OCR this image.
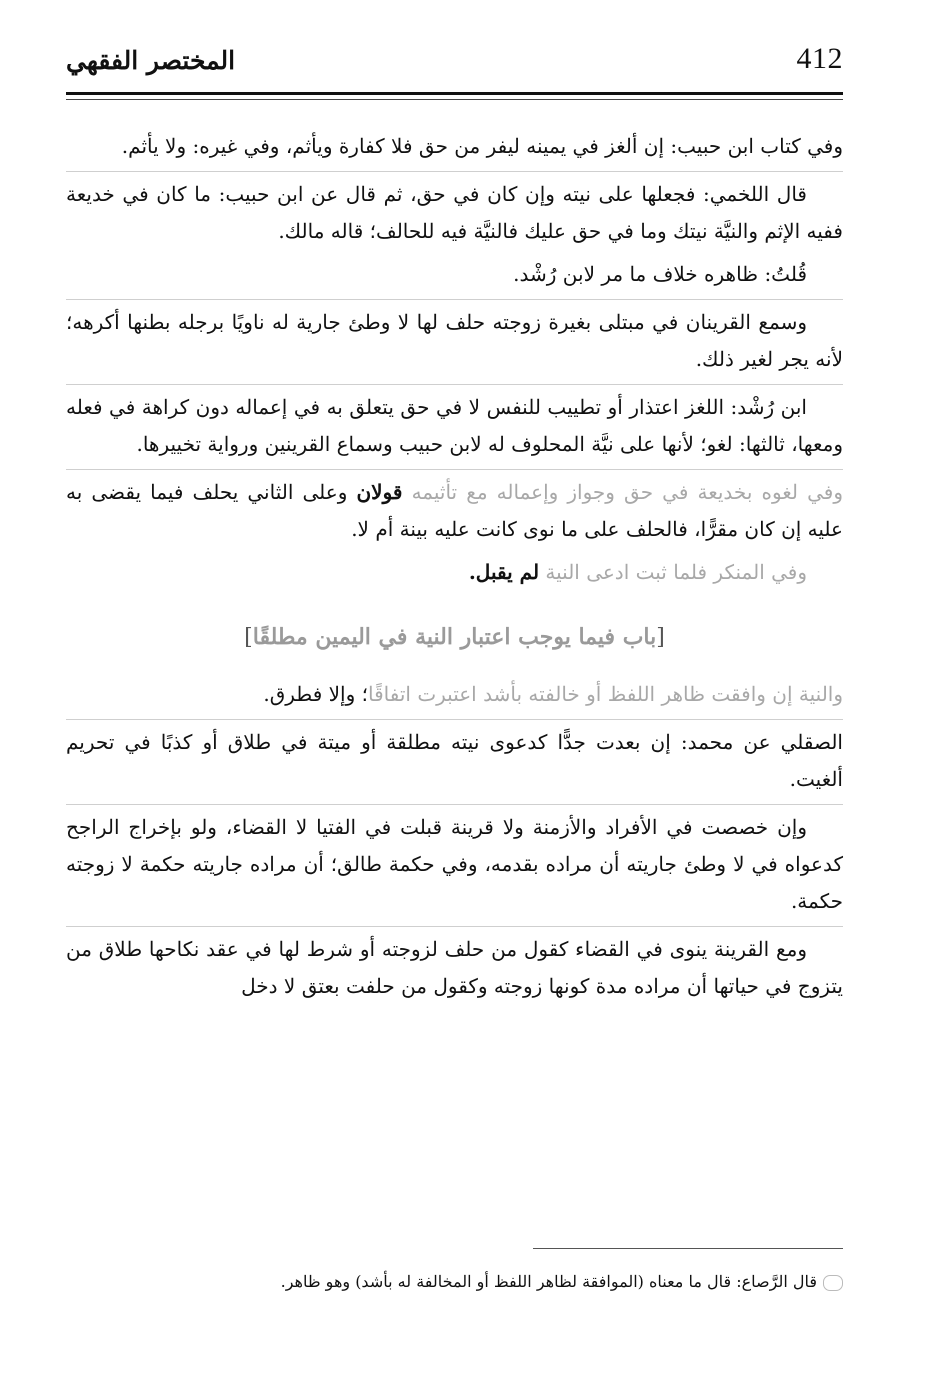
412
المختصر الفقهي

وفي كتاب ابن حبيب: إن ألغز في يمينه ليفر من حق فلا كفارة ويأثم، وفي غيره: ولا يأثم.

قال اللخمي: فجعلها على نيته وإن كان في حق، ثم قال عن ابن حبيب: ما كان في خديعة ففيه الإثم والنيَّة نيتك وما في حق عليك فالنيَّة فيه للحالف؛ قاله مالك.

قُلتُ: ظاهره خلاف ما مر لابن رُشْد.

وسمع القرينان في مبتلى بغيرة زوجته حلف لها لا وطئ جارية له ناويًا برجله بطنها أكرهه؛ لأنه يجر لغير ذلك.

ابن رُشْد: اللغز اعتذار أو تطييب للنفس لا في حق يتعلق به في إعماله دون كراهة في فعله ومعها، ثالثها: لغو؛ لأنها على نيَّة المحلوف له لابن حبيب وسماع القرينين ورواية تخييرها.

وفي لغوه بخديعة في حق وجواز وإعماله مع تأثيمه قولان وعلى الثاني يحلف فيما يقضى به عليه إن كان مقرًّا، فالحلف على ما نوى كانت عليه بينة أم لا.

وفي المنكر فلما ثبت ادعى النية لم يقبل.

[باب فيما يوجب اعتبار النية في اليمين مطلقًا]

والنية إن وافقت ظاهر اللفظ أو خالفته بأشد اعتبرت اتفاقًا؛ وإلا فطرق.

الصقلي عن محمد: إن بعدت جدًّا كدعوى نيته مطلقة أو ميتة في طلاق أو كذبًا في تحريم ألغيت.

وإن خصصت في الأفراد والأزمنة ولا قرينة قبلت في الفتيا لا القضاء، ولو بإخراج الراجح كدعواه في لا وطئ جاريته أن مراده بقدمه، وفي حكمة طالق؛ أن مراده جاريته حكمة لا زوجته حكمة.

ومع القرينة ينوى في القضاء كقول من حلف لزوجته أو شرط لها في عقد نكاحها طلاق من يتزوج في حياتها أن مراده مدة كونها زوجته وكقول من حلفت بعتق لا دخل

قال الرَّصاع: قال ما معناه (الموافقة لظاهر اللفظ أو المخالفة له بأشد) وهو ظاهر.
